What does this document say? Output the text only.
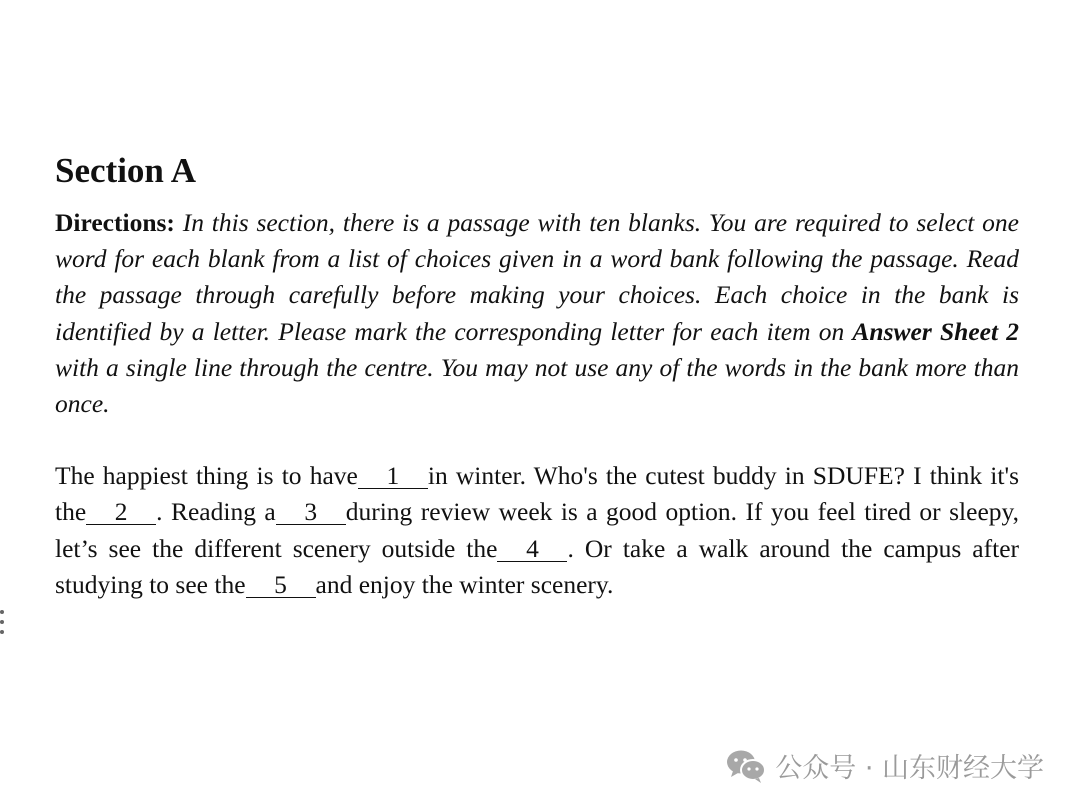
Section A

Directions: In this section, there is a passage with ten blanks. You are required to select one word for each blank from a list of choices given in a word bank following the passage. Read the passage through carefully before making your choices. Each choice in the bank is identified by a letter. Please mark the corresponding letter for each item on Answer Sheet 2 with a single line through the centre. You may not use any of the words in the bank more than once.

The happiest thing is to have 1 in winter. Who's the cutest buddy in SDUFE? I think it's the 2 . Reading a 3 during review week is a good option. If you feel tired or sleepy, let’s see the different scenery outside the 4 . Or take a walk around the campus after studying to see the 5 and enjoy the winter scenery.

公众号 · 山东财经大学
